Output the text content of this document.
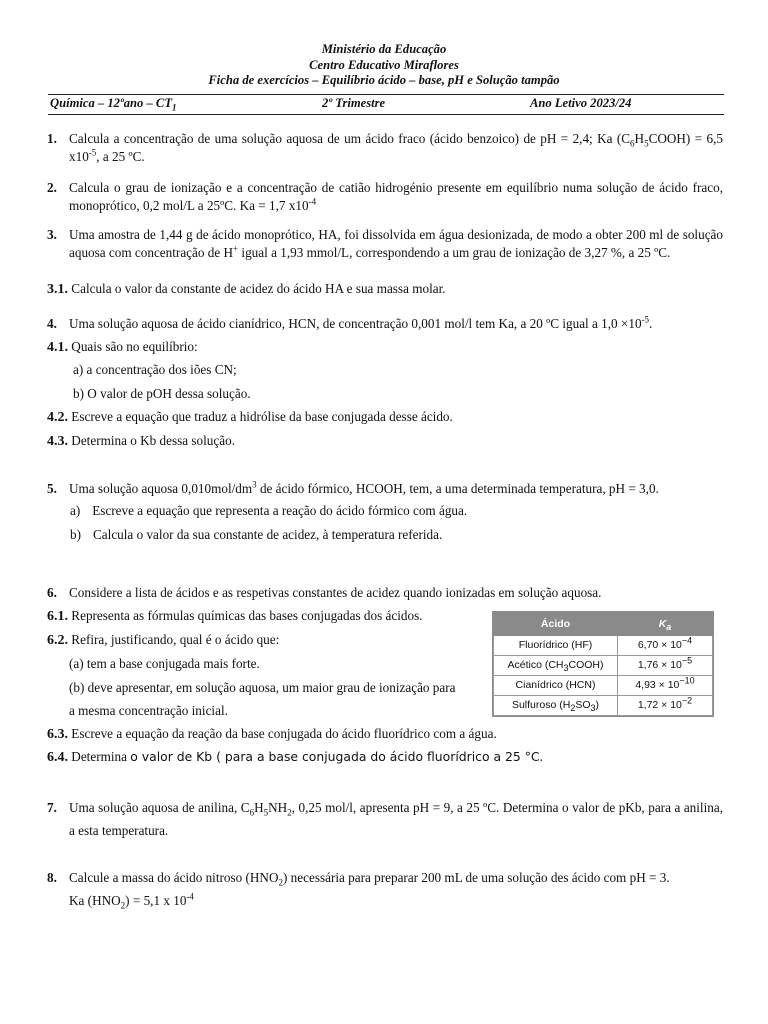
Ministério da Educação
Centro Educativo Miraflores
Ficha de exercícios – Equilíbrio ácido – base, pH e Solução tampão
Química – 12ºano – $CT_1$	2º Trimestre	Ano Letivo 2023/24
1. Calcula a concentração de uma solução aquosa de um ácido fraco (ácido benzoico) de pH = 2,4; Ka $(C_6H_5COOH) = 6,5$ $x10^{-5}$, a 25 ºC.
2. Calcula o grau de ionização e a concentração de catião hidrogénio presente em equilíbrio numa solução de ácido fraco, monoprótico, 0,2 mol/L a 25ºC. Ka = 1,7 $x10^{-4}$
3. Uma amostra de 1,44 g de ácido monoprótico, HA, foi dissolvida em água desionizada, de modo a obter 200 ml de solução aquosa com concentração de H+ igual a 1,93 mmol/L, correspondendo a um grau de ionização de 3,27 %, a 25 ºC.
3.1. Calcula o valor da constante de acidez do ácido HA e sua massa molar.
4. Uma solução aquosa de ácido cianídrico, HCN, de concentração 0,001 mol/l tem Ka, a 20 ºC igual a $1,0 \times 10^{-5}$.
4.1. Quais são no equilíbrio:
a) a concentração dos iões CN;
b) O valor de pOH dessa solução.
4.2. Escreve a equação que traduz a hidrólise da base conjugada desse ácido.
4.3. Determina o Kb dessa solução.
5. Uma solução aquosa $0,010mol/dm^3$ de ácido fórmico, HCOOH, tem, a uma determinada temperatura, pH = 3,0.
a) Escreve a equação que representa a reação do ácido fórmico com água.
b) Calcula o valor da sua constante de acidez, à temperatura referida.
6. Considere a lista de ácidos e as respetivas constantes de acidez quando ionizadas em solução aquosa.
6.1. Representa as fórmulas químicas das bases conjugadas dos ácidos.
6.2. Refira, justificando, qual é o ácido que:
(a) tem a base conjugada mais forte.
(b) deve apresentar, em solução aquosa, um maior grau de ionização para
a mesma concentração inicial.
6.3. Escreve a equação da reação da base conjugada do ácido fluorídrico com a água.
6.4. Determina o valor de Kb ( para a base conjugada do ácido fluorídrico a 25 °C.
Ácido	$K_a$
Fluorídrico (HF)	$6,70 \times 10^{-4}$
Acético $(CH_3COOH)$	$1,76 \times 10^{-5}$
Cianídrico (HCN)	$4,93 \times 10^{-10}$
Sulfuroso $(H_2SO_3)$	$1,72 \times 10^{-2}$
7. Uma solução aquosa de anilina, $C_6H_5NH_2$, 0,25 mol/l, apresenta pH = 9, a 25 ºC. Determina o valor de pKb, para a anilina, a esta temperatura.
8. Calcule a massa do ácido nitroso $(HNO_2)$ necessária para preparar 200 mL de uma solução des ácido com pH = 3.
Ka $(HNO_2) = 5,1$ x $10^{-4}$
